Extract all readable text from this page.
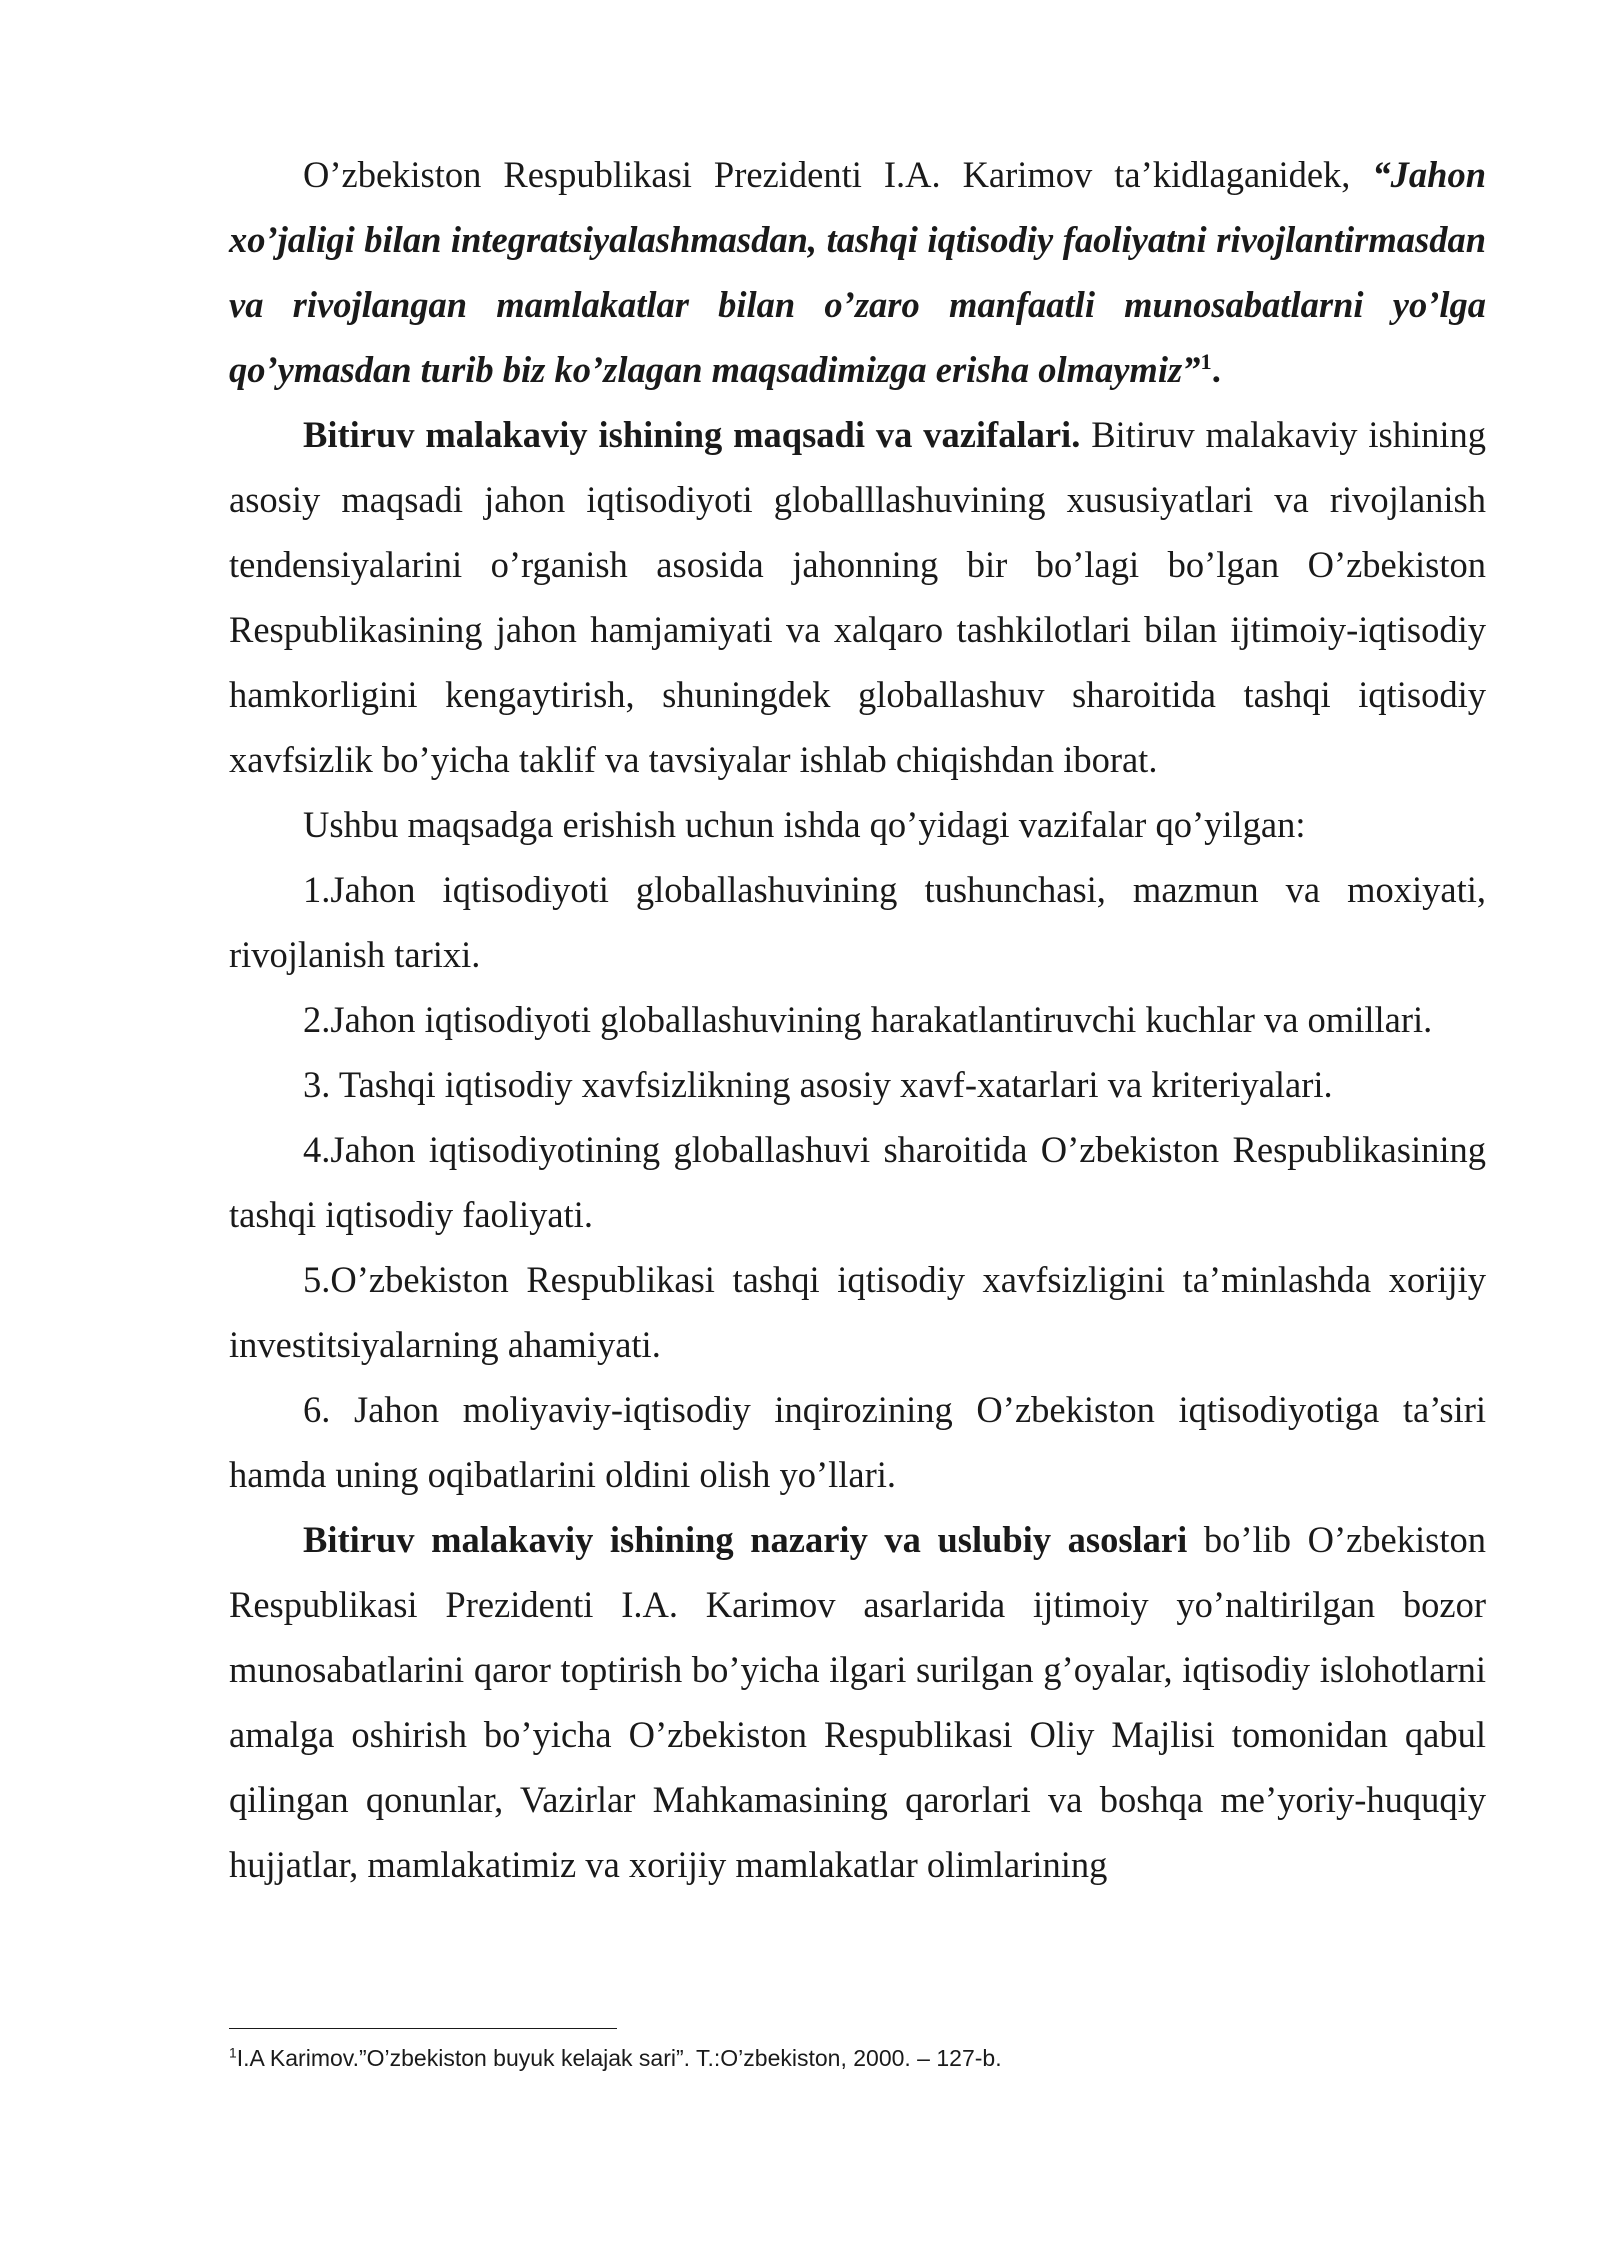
O’zbekiston Respublikasi Prezidenti I.A. Karimov ta’kidlaganidek, “Jahon xo’jaligi bilan integratsiyalashmasdan, tashqi iqtisodiy faoliyatni rivojlantirmasdan va rivojlangan mamlakatlar bilan o’zaro manfaatli munosabatlarni yo’lga qo’ymasdan turib biz ko’zlagan maqsadimizga erisha olmaymiz”$^1$.

Bitiruv malakaviy ishining maqsadi va vazifalari. Bitiruv malakaviy ishining asosiy maqsadi jahon iqtisodiyoti globalllashuvining xususiyatlari va rivojlanish tendensiyalarini o’rganish asosida jahonning bir bo’lagi bo’lgan O’zbekiston Respublikasining jahon hamjamiyati va xalqaro tashkilotlari bilan ijtimoiy-iqtisodiy hamkorligini kengaytirish, shuningdek globallashuv sharoitida tashqi iqtisodiy xavfsizlik bo’yicha taklif va tavsiyalar ishlab chiqishdan iborat.

Ushbu maqsadga erishish uchun ishda qo’yidagi vazifalar qo’yilgan:

1.Jahon iqtisodiyoti globallashuvining tushunchasi, mazmun va moxiyati, rivojlanish tarixi.

2.Jahon iqtisodiyoti globallashuvining harakatlantiruvchi kuchlar va omillari.

3. Tashqi iqtisodiy xavfsizlikning asosiy xavf-xatarlari va kriteriyalari.

4.Jahon iqtisodiyotining globallashuvi sharoitida O’zbekiston Respublikasining tashqi iqtisodiy faoliyati.

5.O’zbekiston Respublikasi tashqi iqtisodiy xavfsizligini ta’minlashda xorijiy investitsiyalarning ahamiyati.

6. Jahon moliyaviy-iqtisodiy inqirozining O’zbekiston iqtisodiyotiga ta’siri hamda uning oqibatlarini oldini olish yo’llari.

Bitiruv malakaviy ishining nazariy va uslubiy asoslari bo’lib O’zbekiston Respublikasi Prezidenti I.A. Karimov asarlarida ijtimoiy yo’naltirilgan bozor munosabatlarini qaror toptirish bo’yicha ilgari surilgan g’oyalar, iqtisodiy islohotlarni amalga oshirish bo’yicha O’zbekiston Respublikasi Oliy Majlisi tomonidan qabul qilingan qonunlar, Vazirlar Mahkamasining qarorlari va boshqa me’yoriy-huquqiy hujjatlar, mamlakatimiz va xorijiy mamlakatlar olimlarining

$^1$I.A Karimov.”O’zbekiston buyuk kelajak sari”. T.:O’zbekiston, 2000. – 127-b.
